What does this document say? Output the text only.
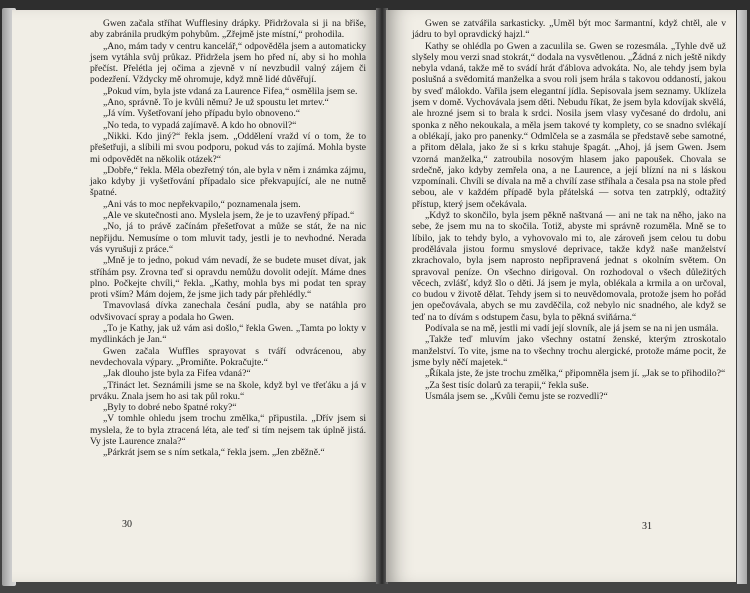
Gwen začala stříhat Wufflesiny drápky. Přidržovala si ji na břiše, aby zabránila prudkým pohybům. „Zřejmě jste místní,“ prohodila.

„Ano, mám tady v centru kancelář,“ odpověděla jsem a automaticky jsem vytáhla svůj průkaz. Přidržela jsem ho před ní, aby si ho mohla přečíst. Přelétla jej očima a zjevně v ní nevzbudil valný zájem či podezření. Vždycky mě ohromuje, když mně lidé důvěřují.

„Pokud vím, byla jste vdaná za Laurence Fifea,“ osmělila jsem se.

„Ano, správně. To je kvůli němu? Je už spoustu let mrtev.“

„Já vím. Vyšetřovaní jeho případu bylo obnoveno.“

„No teda, to vypadá zajímavě. A kdo ho obnovil?“

„Nikki. Kdo jiný?“ řekla jsem. „Oddělení vražd ví o tom, že to přešetřuji, a slíbili mi svou podporu, pokud vás to zajímá. Mohla byste mi odpovědět na několik otázek?“

„Dobře,“ řekla. Měla obezřetný tón, ale byla v něm i známka zájmu, jako kdyby ji vyšetřování případalo sice překvapující, ale ne nutně špatné.

„Ani vás to moc nepřekvapilo,“ poznamenala jsem.

„Ale ve skutečnosti ano. Myslela jsem, že je to uzavřený případ.“

„No, já to právě začínám přešetřovat a může se stát, že na nic nepřijdu. Nemusíme o tom mluvit tady, jestli je to nevhodné. Nerada vás vyrušuji z práce.“

„Mně je to jedno, pokud vám nevadí, že se budete muset dívat, jak stříhám psy. Zrovna teď si opravdu nemůžu dovolit odejít. Máme dnes plno. Počkejte chvíli,“ řekla. „Kathy, mohla bys mi podat ten spray proti vším? Mám dojem, že jsme jich tady pár přehlédly.“

Tmavovlasá dívka zanechala česání pudla, aby se natáhla pro odvšivovací spray a podala ho Gwen.

„To je Kathy, jak už vám asi došlo,“ řekla Gwen. „Tamta po lokty v mydlinkách je Jan.“

Gwen začala Wuffles sprayovat s tváří odvrácenou, aby nevdechovala výpary. „Promiňte. Pokračujte.“

„Jak dlouho jste byla za Fifea vdaná?“

„Třináct let. Seznámili jsme se na škole, když byl ve třeťáku a já v prváku. Znala jsem ho asi tak půl roku.“

„Byly to dobré nebo špatné roky?“

„V tomhle ohledu jsem trochu změlka,“ připustila. „Dřív jsem si myslela, že to byla ztracená léta, ale teď si tím nejsem tak úplně jistá. Vy jste Laurence znala?“

„Párkrát jsem se s ním setkala,“ řekla jsem. „Jen zběžně.“

30

Gwen se zatvářila sarkasticky. „Uměl být moc šarmantní, když chtěl, ale v jádru to byl opravdický hajzl.“

Kathy se ohlédla po Gwen a zacuılila se. Gwen se rozesmála. „Tyhle dvě už slyšely mou verzi snad stokrát,“ dodala na vysvětlenou. „Žádná z nich ještě nikdy nebyla vdaná, takže mě to svádí hrát ďáblova advokáta. No, ale tehdy jsem byla poslušná a svědomitá manželka a svou roli jsem hrála s takovou oddaností, jakou by sveď málokdo. Vařila jsem elegantní jídla. Sepisovala jsem seznamy. Uklízela jsem v domě. Vychovávala jsem děti. Nebudu říkat, že jsem byla kdovíjak skvělá, ale hrozné jsem si to brala k srdci. Nosila jsem vlasy vyčesané do drdolu, ani sponka z něho nekoukala, a měla jsem takové ty komplety, co se snadno svlékají a oblékají, jako pro panenky.“ Odmlčela se a zasmála se představě sebe samotné, a přitom dělala, jako že si s krku stahuje špagát. „Ahoj, já jsem Gwen. Jsem vzorná manželka,“ zatroubila nosovým hlasem jako papoušek. Chovala se srdečně, jako kdyby zemřela ona, a ne Laurence, a její blízní na ni s láskou vzpomínali. Chvíli se dívala na mě a chvílí zase stříhala a česala psa na stole před sebou, ale v každém případě byla přátelská — sotva ten zatrpklý, odtažitý přístup, který jsem očekávala.

„Když to skončilo, byla jsem pěkně naštvaná — ani ne tak na něho, jako na sebe, že jsem mu na to skočila. Totiž, abyste mi správně rozuměla. Mně se to líbilo, jak to tehdy bylo, a vyhovovalo mi to, ale zároveň jsem celou tu dobu prodělávala jistou formu smyslové deprivace, takže když naše manželství zkrachovalo, byla jsem naprosto nepřipravená jednat s okolním světem. On spravoval peníze. On všechno dirigoval. On rozhodoval o všech důležitých věcech, zvlášť, když šlo o děti. Já jsem je myla, oblékala a krmila a on určoval, co budou v životě dělat. Tehdy jsem si to neuvědomovala, protože jsem ho pořád jen opečovávala, abych se mu zavděčila, což nebylo nic snadného, ale když se teď na to dívám s odstupem času, byla to pěkná sviňárna.“

Podívala se na mě, jestli mi vadí její slovník, ale já jsem se na ni jen usmála.

„Takže teď mluvím jako všechny ostatní ženské, kterým ztroskotalo manželství. To vite, jsme na to všechny trochu alergické, protože máme pocit, že jsme byly něčí majetek.“

„Říkala jste, že jste trochu změlka,“ připomněla jsem jí. „Jak se to přihodilo?“

„Za šest tisíc dolarů za terapii,“ řekla suše.

Usmála jsem se. „Kvůli čemu jste se rozvedli?“

31
